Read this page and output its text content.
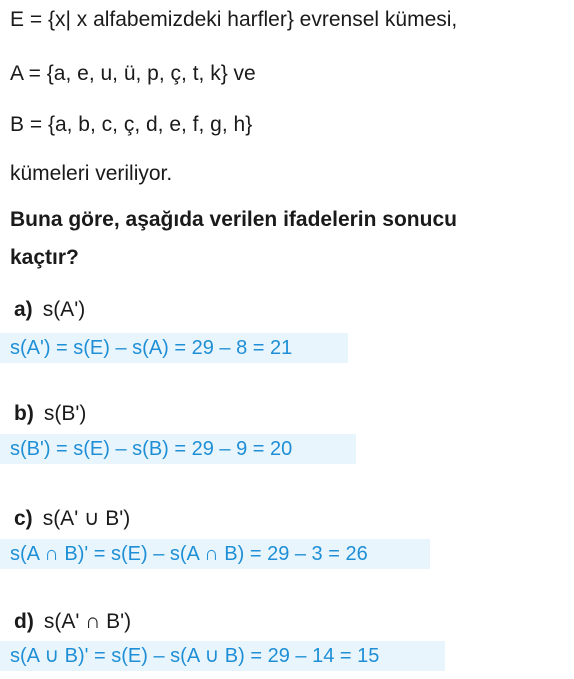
E = {x| x alfabemizdeki harfler} evrensel kümesi,
A = {a, e, u, ü, p, ç, t, k} ve
B = {a, b, c, ç, d, e, f, g, h}
kümeleri veriliyor.
Buna göre, aşağıda verilen ifadelerin sonucu
kaçtır?
a) s(A')
s(A') = s(E) – s(A) = 29 – 8 = 21
b) s(B')
s(B') = s(E) – s(B) = 29 – 9 = 20
c) s(A' ∪ B')
s(A ∩ B)' = s(E) – s(A ∩ B) = 29 – 3 = 26
d) s(A' ∩ B')
s(A ∪ B)' = s(E) – s(A ∪ B) = 29 – 14 = 15
